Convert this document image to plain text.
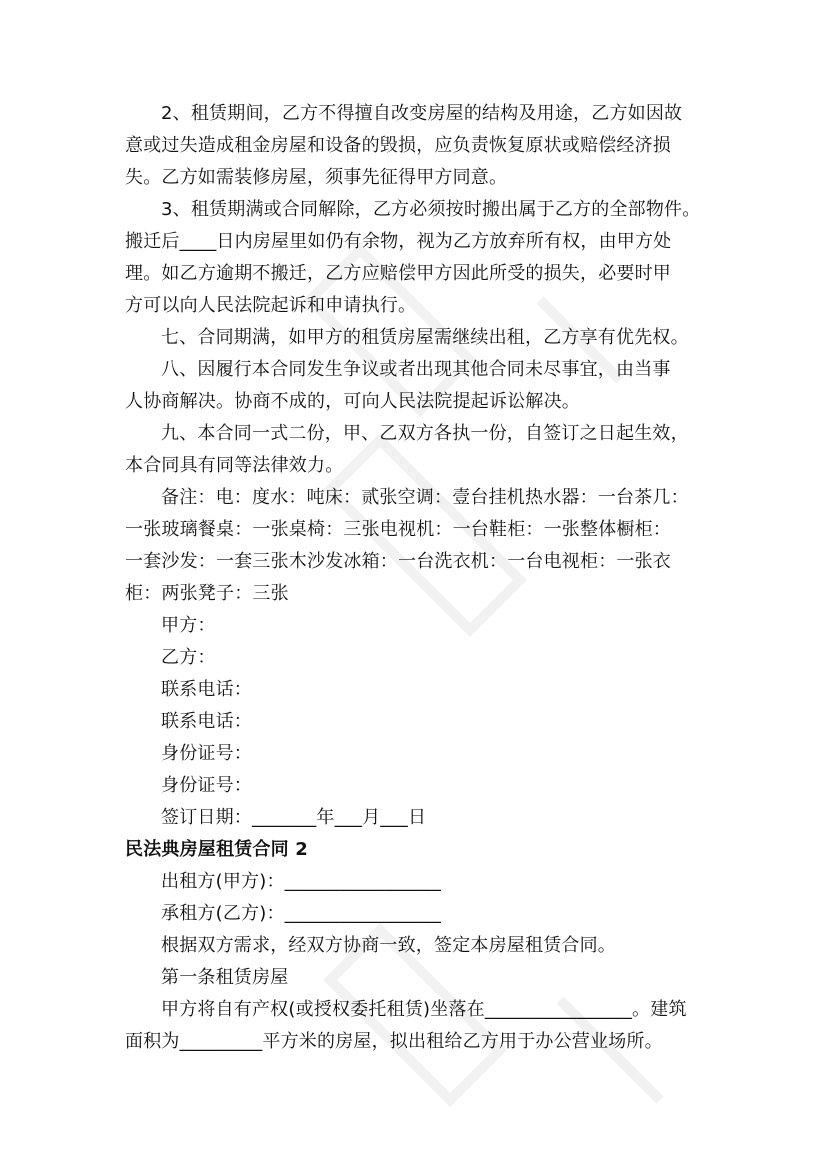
2、租赁期间，乙方不得擅自改变房屋的结构及用途，乙方如因故
意或过失造成租金房屋和设备的毁损，应负责恢复原状或赔偿经济损
失。乙方如需装修房屋，须事先征得甲方同意。
3、租赁期满或合同解除，乙方必须按时搬出属于乙方的全部物件。
搬迁后____日内房屋里如仍有余物，视为乙方放弃所有权，由甲方处
理。如乙方逾期不搬迁，乙方应赔偿甲方因此所受的损失，必要时甲
方可以向人民法院起诉和申请执行。
七、合同期满，如甲方的租赁房屋需继续出租，乙方享有优先权。
八、因履行本合同发生争议或者出现其他合同未尽事宜，由当事
人协商解决。协商不成的，可向人民法院提起诉讼解决。
九、本合同一式二份，甲、乙双方各执一份，自签订之日起生效，
本合同具有同等法律效力。
备注：电：度水：吨床：贰张空调：壹台挂机热水器：一台茶几：
一张玻璃餐桌：一张桌椅：三张电视机：一台鞋柜：一张整体橱柜：
一套沙发：一套三张木沙发冰箱：一台洗衣机：一台电视柜：一张衣
柜：两张凳子：三张
甲方：
乙方：
联系电话：
联系电话：
身份证号：
身份证号：
签订日期：_______年___月___日
民法典房屋租赁合同 2
出租方(甲方)：_________________
承租方(乙方)：_________________
根据双方需求，经双方协商一致，签定本房屋租赁合同。
第一条租赁房屋
甲方将自有产权(或授权委托租赁)坐落在________________。建筑
面积为_________平方米的房屋，拟出租给乙方用于办公营业场所。
